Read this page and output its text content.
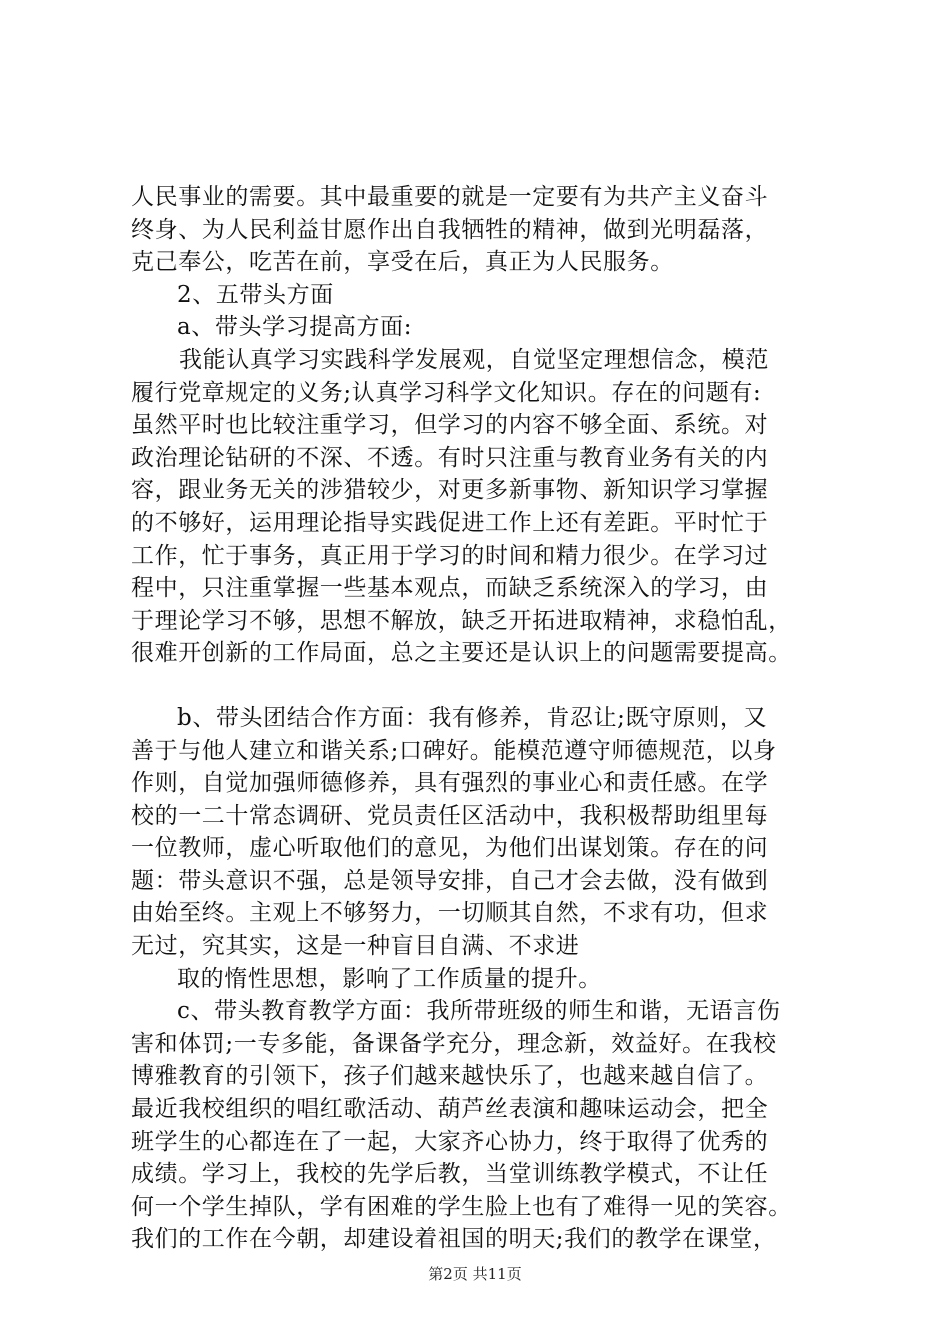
人民事业的需要。其中最重要的就是一定要有为共产主义奋斗
终身、为人民利益甘愿作出自我牺牲的精神，做到光明磊落，
克己奉公，吃苦在前，享受在后，真正为人民服务。
2、五带头方面
a、带头学习提高方面:
我能认真学习实践科学发展观，自觉坚定理想信念，模范
履行党章规定的义务;认真学习科学文化知识。存在的问题有:
虽然平时也比较注重学习，但学习的内容不够全面、系统。对
政治理论钻研的不深、不透。有时只注重与教育业务有关的内
容，跟业务无关的涉猎较少，对更多新事物、新知识学习掌握
的不够好，运用理论指导实践促进工作上还有差距。平时忙于
工作，忙于事务，真正用于学习的时间和精力很少。在学习过
程中，只注重掌握一些基本观点，而缺乏系统深入的学习，由
于理论学习不够，思想不解放，缺乏开拓进取精神，求稳怕乱，
很难开创新的工作局面，总之主要还是认识上的问题需要提高。
b、带头团结合作方面：我有修养，肯忍让;既守原则，又
善于与他人建立和谐关系;口碑好。能模范遵守师德规范，以身
作则，自觉加强师德修养，具有强烈的事业心和责任感。在学
校的一二十常态调研、党员责任区活动中，我积极帮助组里每
一位教师，虚心听取他们的意见，为他们出谋划策。存在的问
题：带头意识不强，总是领导安排，自己才会去做，没有做到
由始至终。主观上不够努力，一切顺其自然，不求有功，但求
无过，究其实，这是一种盲目自满、不求进
取的惰性思想，影响了工作质量的提升。
c、带头教育教学方面：我所带班级的师生和谐，无语言伤
害和体罚;一专多能，备课备学充分，理念新，效益好。在我校
博雅教育的引领下，孩子们越来越快乐了，也越来越自信了。
最近我校组织的唱红歌活动、葫芦丝表演和趣味运动会，把全
班学生的心都连在了一起，大家齐心协力，终于取得了优秀的
成绩。学习上，我校的先学后教，当堂训练教学模式，不让任
何一个学生掉队，学有困难的学生脸上也有了难得一见的笑容。
我们的工作在今朝，却建设着祖国的明天;我们的教学在课堂，
第2页 共11页
